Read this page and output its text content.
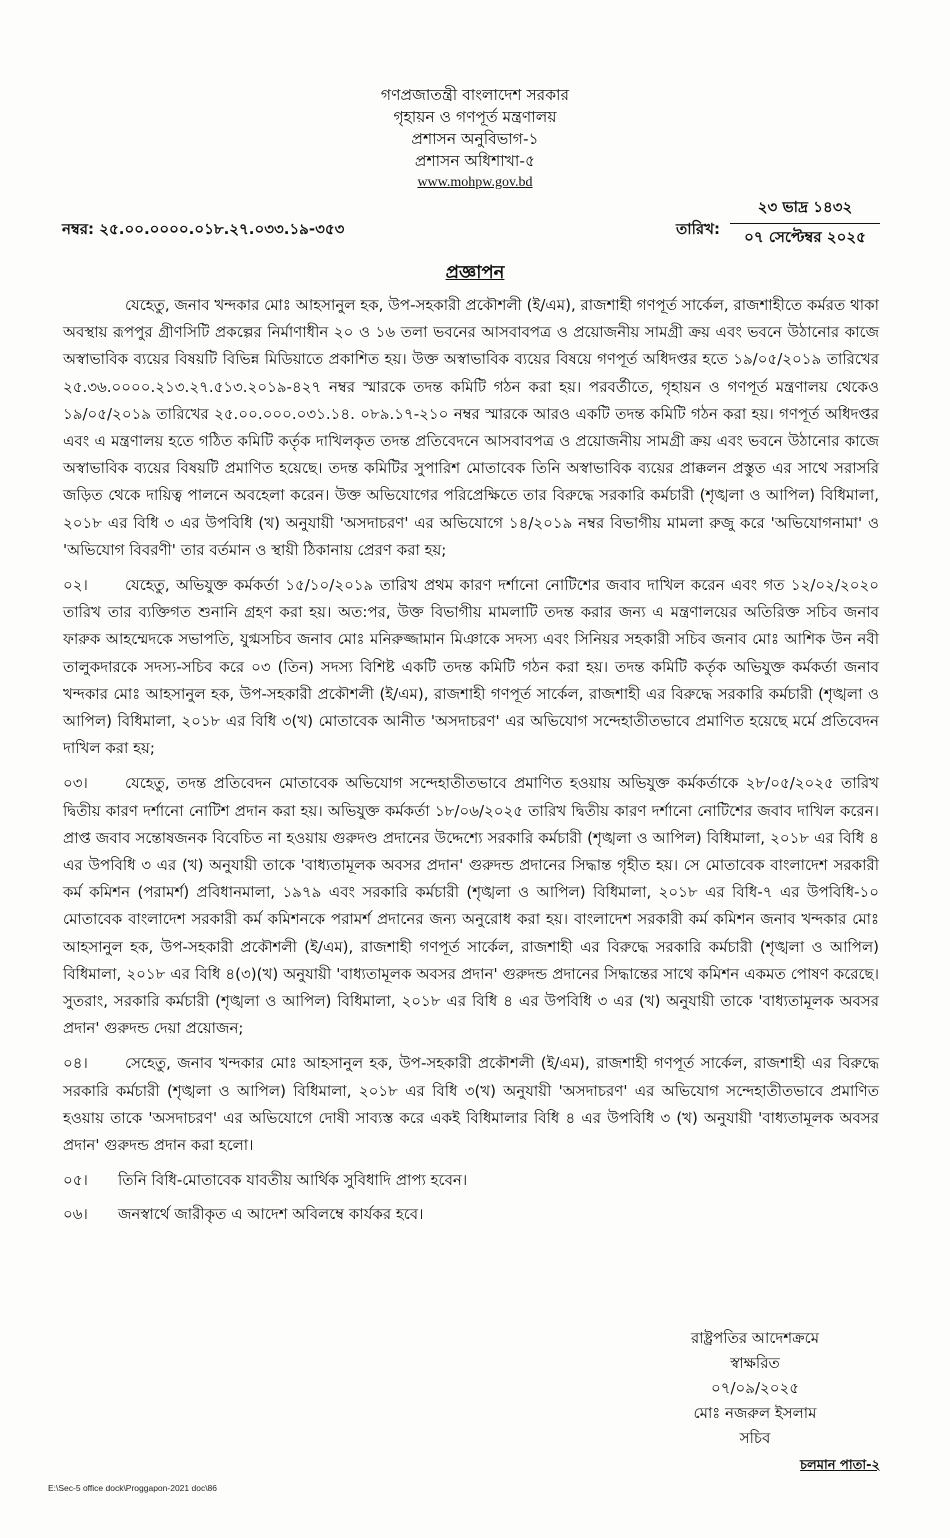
গণপ্রজাতন্ত্রী বাংলাদেশ সরকার
গৃহায়ন ও গণপূর্ত মন্ত্রণালয়
প্রশাসন অনুবিভাগ-১
প্রশাসন অধিশাখা-৫
www.mohpw.gov.bd
নম্বর: ২৫.০০.০০০০.০১৮.২৭.০৩৩.১৯-৩৫৩	তারিখ:
২৩ ভাদ্র ১৪৩২
০৭ সেপ্টেম্বর ২০২৫
প্রজ্ঞাপন

যেহেতু, জনাব খন্দকার মোঃ আহসানুল হক, উপ-সহকারী প্রকৌশলী (ই/এম), রাজশাহী গণপূর্ত সার্কেল, রাজশাহীতে কর্মরত থাকা অবস্থায় রূপপুর গ্রীণসিটি প্রকল্পের নির্মাণাধীন ২০ ও ১৬ তলা ভবনের আসবাবপত্র ও প্রয়োজনীয় সামগ্রী ক্রয় এবং ভবনে উঠানোর কাজে অস্বাভাবিক ব্যয়ের বিষয়টি বিভিন্ন মিডিয়াতে প্রকাশিত হয়। উক্ত অস্বাভাবিক ব্যয়ের বিষয়ে গণপূর্ত অধিদপ্তর হতে ১৯/০৫/২০১৯ তারিখের ২৫.৩৬.০০০০.২১৩.২৭.৫১৩.২০১৯-৪২৭ নম্বর স্মারকে তদন্ত কমিটি গঠন করা হয়। পরবর্তীতে, গৃহায়ন ও গণপূর্ত মন্ত্রণালয় থেকেও ১৯/০৫/২০১৯ তারিখের ২৫.০০.০০০.০৩১.১৪. ০৮৯.১৭-২১০ নম্বর স্মারকে আরও একটি তদন্ত কমিটি গঠন করা হয়। গণপূর্ত অধিদপ্তর এবং এ মন্ত্রণালয় হতে গঠিত কমিটি কর্তৃক দাখিলকৃত তদন্ত প্রতিবেদনে আসবাবপত্র ও প্রয়োজনীয় সামগ্রী ক্রয় এবং ভবনে উঠানোর কাজে অস্বাভাবিক ব্যয়ের বিষয়টি প্রমাণিত হয়েছে। তদন্ত কমিটির সুপারিশ মোতাবেক তিনি অস্বাভাবিক ব্যয়ের প্রাক্কলন প্রস্তুত এর সাথে সরাসরি জড়িত থেকে দায়িত্ব পালনে অবহেলা করেন। উক্ত অভিযোগের পরিপ্রেক্ষিতে তার বিরুদ্ধে সরকারি কর্মচারী (শৃঙ্খলা ও আপিল) বিধিমালা, ২০১৮ এর বিধি ৩ এর উপবিধি (খ) অনুযায়ী 'অসদাচরণ' এর অভিযোগে ১৪/২০১৯ নম্বর বিভাগীয় মামলা রুজু করে 'অভিযোগনামা' ও 'অভিযোগ বিবরণী' তার বর্তমান ও স্থায়ী ঠিকানায় প্রেরণ করা হয়;

০২। যেহেতু, অভিযুক্ত কর্মকর্তা ১৫/১০/২০১৯ তারিখ প্রথম কারণ দর্শানো নোটিশের জবাব দাখিল করেন এবং গত ১২/০২/২০২০ তারিখ তার ব্যক্তিগত শুনানি গ্রহণ করা হয়। অত:পর, উক্ত বিভাগীয় মামলাটি তদন্ত করার জন্য এ মন্ত্রণালয়ের অতিরিক্ত সচিব জনাব ফারুক আহম্মেদকে সভাপতি, যুগ্মসচিব জনাব মোঃ মনিরুজ্জামান মিঞাকে সদস্য এবং সিনিয়র সহকারী সচিব জনাব মোঃ আশিক উন নবী তালুকদারকে সদস্য-সচিব করে ০৩ (তিন) সদস্য বিশিষ্ট একটি তদন্ত কমিটি গঠন করা হয়। তদন্ত কমিটি কর্তৃক অভিযুক্ত কর্মকর্তা জনাব খন্দকার মোঃ আহসানুল হক, উপ-সহকারী প্রকৌশলী (ই/এম), রাজশাহী গণপূর্ত সার্কেল, রাজশাহী এর বিরুদ্ধে সরকারি কর্মচারী (শৃঙ্খলা ও আপিল) বিধিমালা, ২০১৮ এর বিধি ৩(খ) মোতাবেক আনীত 'অসদাচরণ' এর অভিযোগ সন্দেহাতীতভাবে প্রমাণিত হয়েছে মর্মে প্রতিবেদন দাখিল করা হয়;

০৩। যেহেতু, তদন্ত প্রতিবেদন মোতাবেক অভিযোগ সন্দেহাতীতভাবে প্রমাণিত হওয়ায় অভিযুক্ত কর্মকর্তাকে ২৮/০৫/২০২৫ তারিখ দ্বিতীয় কারণ দর্শানো নোটিশ প্রদান করা হয়। অভিযুক্ত কর্মকর্তা ১৮/০৬/২০২৫ তারিখ দ্বিতীয় কারণ দর্শানো নোটিশের জবাব দাখিল করেন। প্রাপ্ত জবাব সন্তোষজনক বিবেচিত না হওয়ায় গুরুদণ্ড প্রদানের উদ্দেশ্যে সরকারি কর্মচারী (শৃঙ্খলা ও আপিল) বিধিমালা, ২০১৮ এর বিধি ৪ এর উপবিধি ৩ এর (খ) অনুযায়ী তাকে 'বাধ্যতামূলক অবসর প্রদান' গুরুদন্ড প্রদানের সিদ্ধান্ত গৃহীত হয়। সে মোতাবেক বাংলাদেশ সরকারী কর্ম কমিশন (পরামর্শ) প্রবিধানমালা, ১৯৭৯ এবং সরকারি কর্মচারী (শৃঙ্খলা ও আপিল) বিধিমালা, ২০১৮ এর বিধি-৭ এর উপবিধি-১০ মোতাবেক বাংলাদেশ সরকারী কর্ম কমিশনকে পরামর্শ প্রদানের জন্য অনুরোধ করা হয়। বাংলাদেশ সরকারী কর্ম কমিশন জনাব খন্দকার মোঃ আহসানুল হক, উপ-সহকারী প্রকৌশলী (ই/এম), রাজশাহী গণপূর্ত সার্কেল, রাজশাহী এর বিরুদ্ধে সরকারি কর্মচারী (শৃঙ্খলা ও আপিল) বিধিমালা, ২০১৮ এর বিধি ৪(৩)(খ) অনুযায়ী 'বাধ্যতামূলক অবসর প্রদান' গুরুদন্ড প্রদানের সিদ্ধান্তের সাথে কমিশন একমত পোষণ করেছে। সুতরাং, সরকারি কর্মচারী (শৃঙ্খলা ও আপিল) বিধিমালা, ২০১৮ এর বিধি ৪ এর উপবিধি ৩ এর (খ) অনুযায়ী তাকে 'বাধ্যতামূলক অবসর প্রদান' গুরুদন্ড দেয়া প্রয়োজন;

০৪। সেহেতু, জনাব খন্দকার মোঃ আহসানুল হক, উপ-সহকারী প্রকৌশলী (ই/এম), রাজশাহী গণপূর্ত সার্কেল, রাজশাহী এর বিরুদ্ধে সরকারি কর্মচারী (শৃঙ্খলা ও আপিল) বিধিমালা, ২০১৮ এর বিধি ৩(খ) অনুযায়ী 'অসদাচরণ' এর অভিযোগ সন্দেহাতীতভাবে প্রমাণিত হওয়ায় তাকে 'অসদাচরণ' এর অভিযোগে দোষী সাব্যস্ত করে একই বিধিমালার বিধি ৪ এর উপবিধি ৩ (খ) অনুযায়ী 'বাধ্যতামূলক অবসর প্রদান' গুরুদন্ড প্রদান করা হলো।

০৫। তিনি বিধি-মোতাবেক যাবতীয় আর্থিক সুবিধাদি প্রাপ্য হবেন।

০৬। জনস্বার্থে জারীকৃত এ আদেশ অবিলম্বে কার্যকর হবে।

রাষ্ট্রপতির আদেশক্রমে
স্বাক্ষরিত
০৭/০৯/২০২৫
মোঃ নজরুল ইসলাম
সচিব
চলমান পাতা-২
E:\Sec-5 office dock\Proggapon-2021 doc\86
